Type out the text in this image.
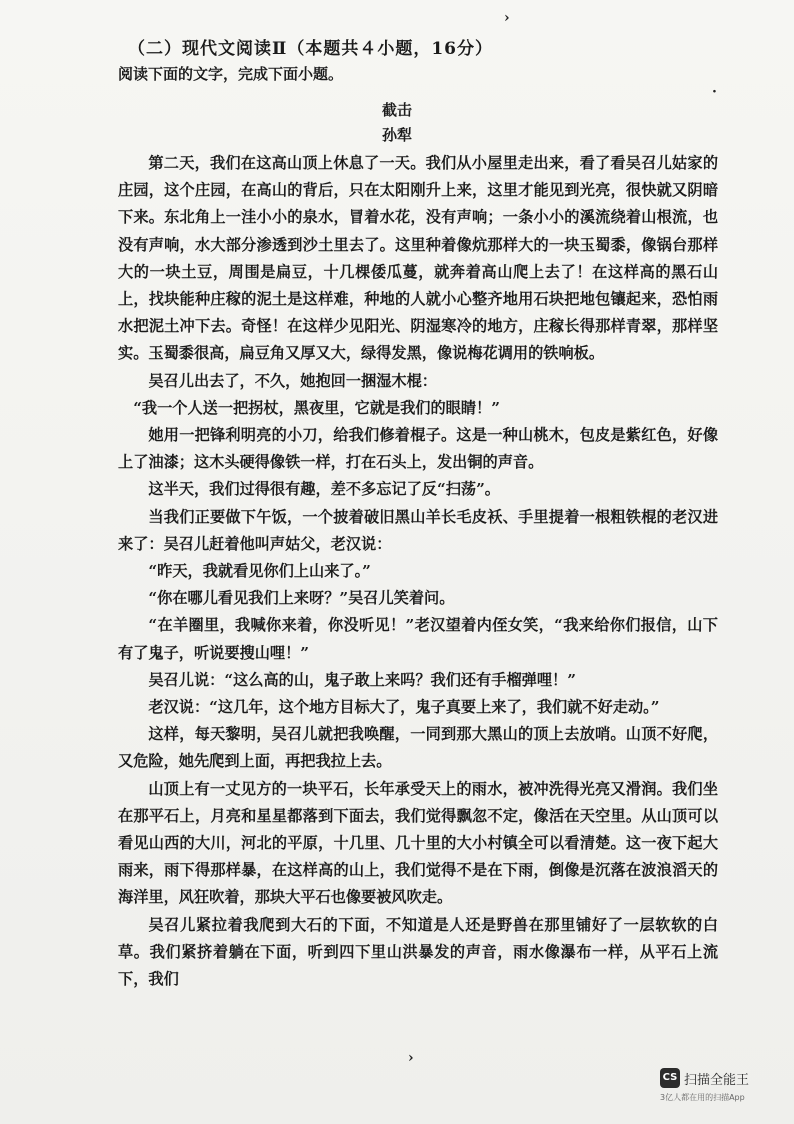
›
·
（二）现代文阅读Ⅱ（本题共４小题，16分）
阅读下面的文字，完成下面小题。
截击
孙犁

第二天，我们在这高山顶上休息了一天。我们从小屋里走出来，看了看吴召儿姑家的庄园，这个庄园，在高山的背后，只在太阳刚升上来，这里才能见到光亮，很快就又阴暗下来。东北角上一洼小小的泉水，冒着水花，没有声响；一条小小的溪流绕着山根流，也没有声响，水大部分渗透到沙土里去了。这里种着像炕那样大的一块玉蜀黍，像锅台那样大的一块土豆，周围是扁豆，十几棵倭瓜蔓，就奔着高山爬上去了！在这样高的黑石山上，找块能种庄稼的泥土是这样难，种地的人就小心整齐地用石块把地包镶起来，恐怕雨水把泥土冲下去。奇怪！在这样少见阳光、阴湿寒冷的地方，庄稼长得那样青翠，那样坚实。玉蜀黍很高，扁豆角又厚又大，绿得发黑，像说梅花调用的铁响板。

吴召儿出去了，不久，她抱回一捆湿木棍：

“我一个人送一把拐杖，黑夜里，它就是我们的眼睛！”

她用一把锋利明亮的小刀，给我们修着棍子。这是一种山桃木，包皮是紫红色，好像上了油漆；这木头硬得像铁一样，打在石头上，发出铜的声音。

这半天，我们过得很有趣，差不多忘记了反“扫荡”。

当我们正要做下午饭，一个披着破旧黑山羊长毛皮袄、手里提着一根粗铁棍的老汉进来了：吴召儿赶着他叫声姑父，老汉说：

“昨天，我就看见你们上山来了。”

“你在哪儿看见我们上来呀？”吴召儿笑着问。

“在羊圈里，我喊你来着，你没听见！”老汉望着内侄女笑，“我来给你们报信，山下有了鬼子，听说要搜山哩！”

吴召儿说：“这么高的山，鬼子敢上来吗？我们还有手榴弹哩！”

老汉说：“这几年，这个地方目标大了，鬼子真要上来了，我们就不好走动。”

这样，每天黎明，吴召儿就把我唤醒，一同到那大黑山的顶上去放哨。山顶不好爬，又危险，她先爬到上面，再把我拉上去。

山顶上有一丈见方的一块平石，长年承受天上的雨水，被冲洗得光亮又滑润。我们坐在那平石上，月亮和星星都落到下面去，我们觉得飘忽不定，像活在天空里。从山顶可以看见山西的大川，河北的平原，十几里、几十里的大小村镇全可以看清楚。这一夜下起大雨来，雨下得那样暴，在这样高的山上，我们觉得不是在下雨，倒像是沉落在波浪滔天的海洋里，风狂吹着，那块大平石也像要被风吹走。

吴召儿紧拉着我爬到大石的下面，不知道是人还是野兽在那里铺好了一层软软的白草。我们紧挤着躺在下面，听到四下里山洪暴发的声音，雨水像瀑布一样，从平石上流下，我们

›
CS 扫描全能王
3亿人都在用的扫描App
